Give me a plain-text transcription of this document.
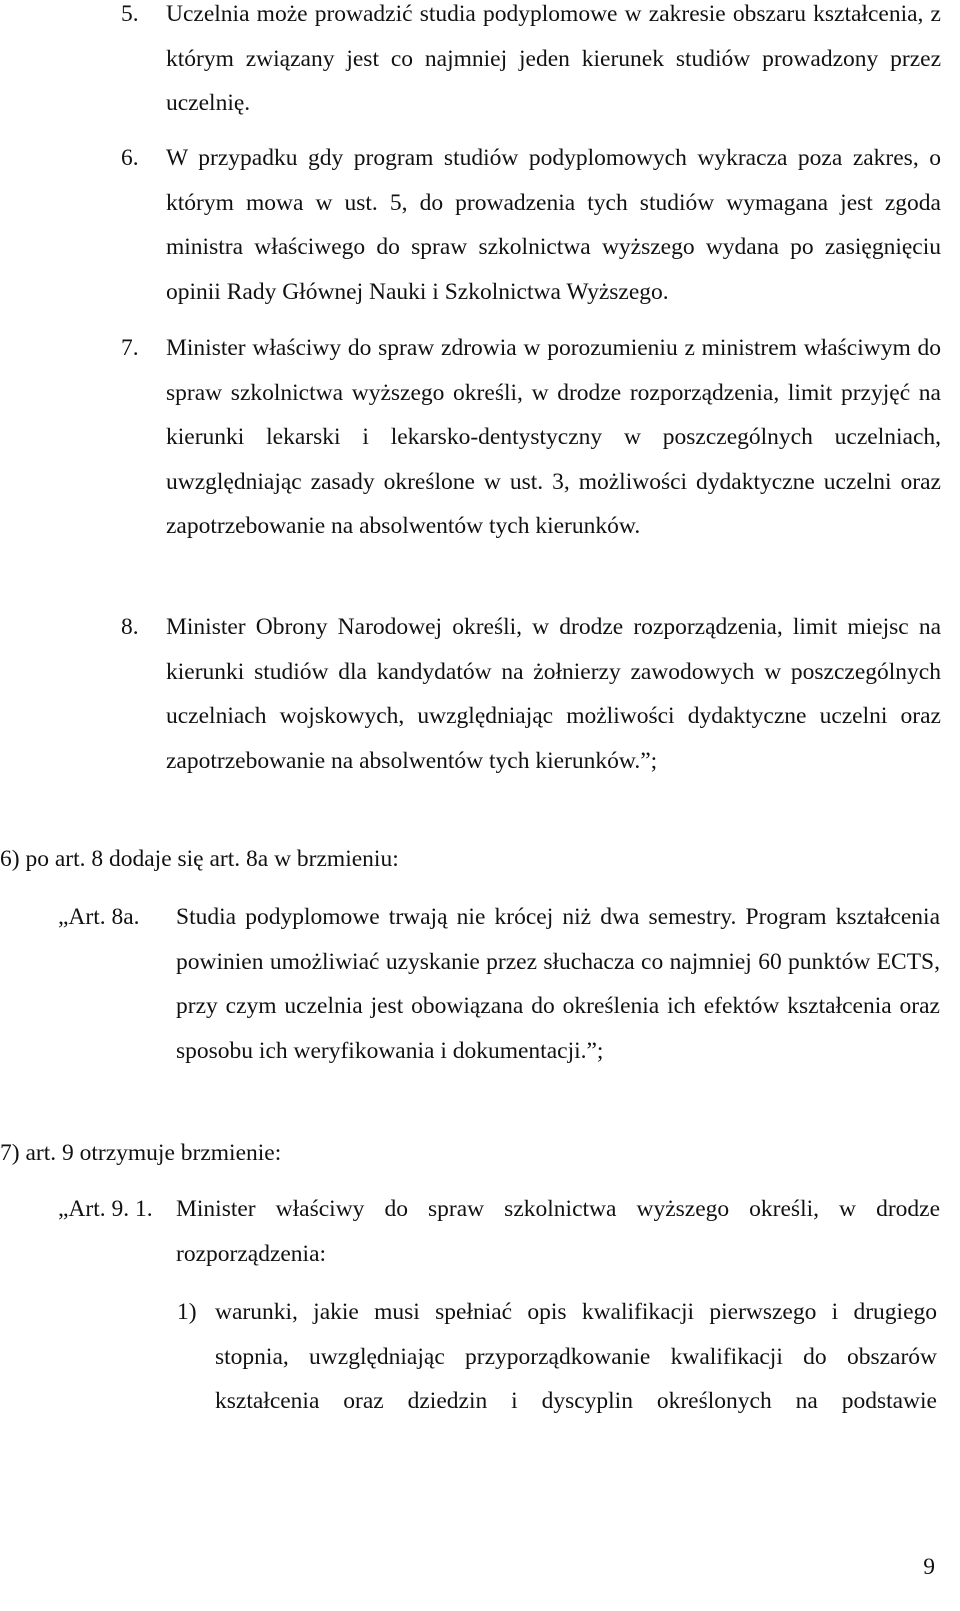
5. Uczelnia może prowadzić studia podyplomowe w zakresie obszaru kształcenia, z którym związany jest co najmniej jeden kierunek studiów prowadzony przez uczelnię.
6. W przypadku gdy program studiów podyplomowych wykracza poza zakres, o którym mowa w ust. 5, do prowadzenia tych studiów wymagana jest zgoda ministra właściwego do spraw szkolnictwa wyższego wydana po zasięgnięciu opinii Rady Głównej Nauki i Szkolnictwa Wyższego.
7. Minister właściwy do spraw zdrowia w porozumieniu z ministrem właściwym do spraw szkolnictwa wyższego określi, w drodze rozporządzenia, limit przyjęć na kierunki lekarski i lekarsko-dentystyczny w poszczególnych uczelniach, uwzględniając zasady określone w ust. 3, możliwości dydaktyczne uczelni oraz zapotrzebowanie na absolwentów tych kierunków.
8. Minister Obrony Narodowej określi, w drodze rozporządzenia, limit miejsc na kierunki studiów dla kandydatów na żołnierzy zawodowych w poszczególnych uczelniach wojskowych, uwzględniając możliwości dydaktyczne uczelni oraz zapotrzebowanie na absolwentów tych kierunków.”;
6) po art. 8 dodaje się art. 8a w brzmieniu:
„Art. 8a. Studia podyplomowe trwają nie krócej niż dwa semestry. Program kształcenia powinien umożliwiać uzyskanie przez słuchacza co najmniej 60 punktów ECTS, przy czym uczelnia jest obowiązana do określenia ich efektów kształcenia oraz sposobu ich weryfikowania i dokumentacji.”;
7) art. 9 otrzymuje brzmienie:
„Art. 9. 1. Minister właściwy do spraw szkolnictwa wyższego określi, w drodze rozporządzenia:
1) warunki, jakie musi spełniać opis kwalifikacji pierwszego i drugiego stopnia, uwzględniając przyporządkowanie kwalifikacji do obszarów kształcenia oraz dziedzin i dyscyplin określonych na podstawie
9
